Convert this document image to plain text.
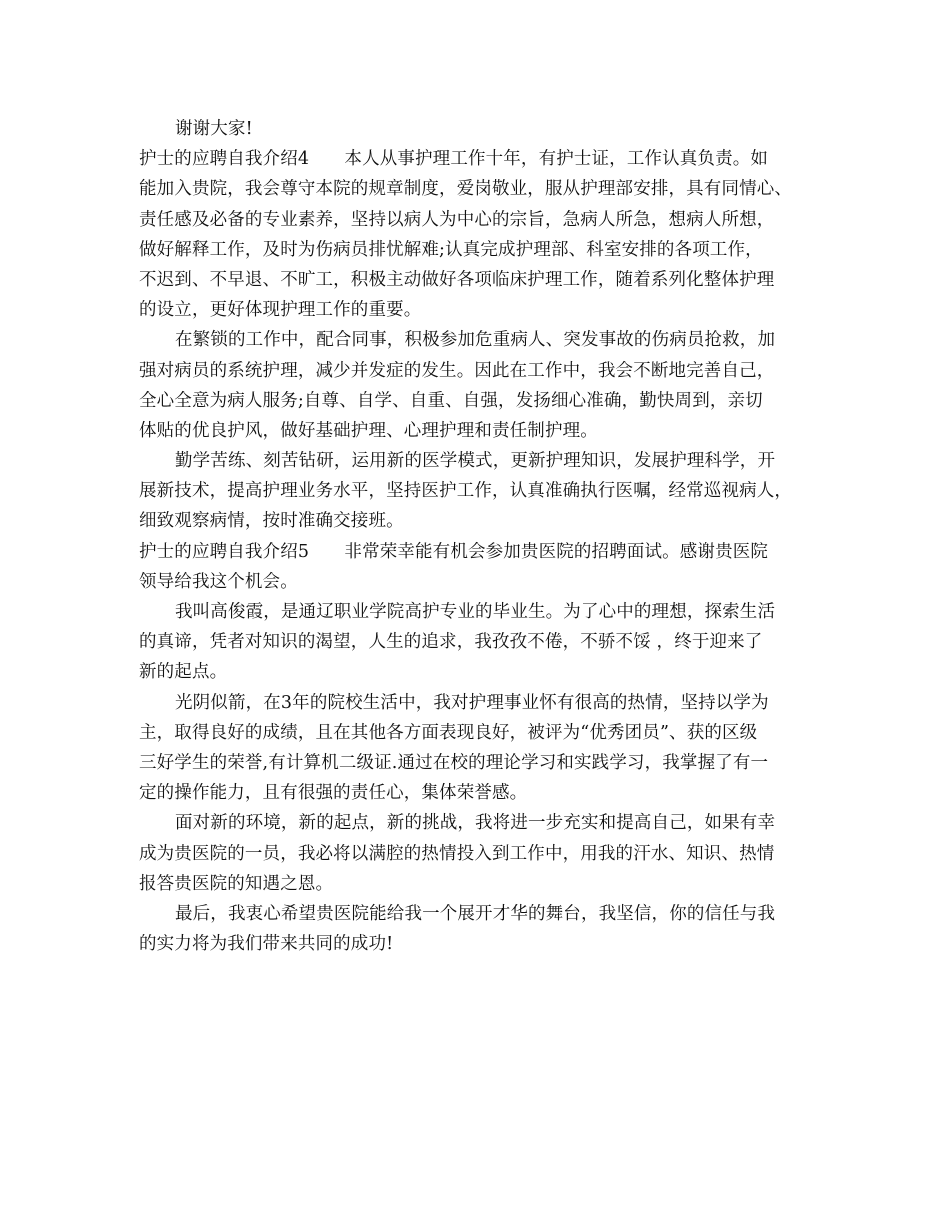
谢谢大家!
护士的应聘自我介绍4　　本人从事护理工作十年，有护士证，工作认真负责。如
能加入贵院，我会尊守本院的规章制度，爱岗敬业，服从护理部安排，具有同情心、
责任感及必备的专业素养，坚持以病人为中心的宗旨，急病人所急，想病人所想，
做好解释工作，及时为伤病员排忧解难;认真完成护理部、科室安排的各项工作，
不迟到、不早退、不旷工，积极主动做好各项临床护理工作，随着系列化整体护理
的设立，更好体现护理工作的重要。
在繁锁的工作中，配合同事，积极参加危重病人、突发事故的伤病员抢救，加
强对病员的系统护理，减少并发症的发生。因此在工作中，我会不断地完善自己，
全心全意为病人服务;自尊、自学、自重、自强，发扬细心准确，勤快周到，亲切
体贴的优良护风，做好基础护理、心理护理和责任制护理。
勤学苦练、刻苦钻研，运用新的医学模式，更新护理知识，发展护理科学，开
展新技术，提高护理业务水平，坚持医护工作，认真准确执行医嘱，经常巡视病人，
细致观察病情，按时准确交接班。
护士的应聘自我介绍5　　非常荣幸能有机会参加贵医院的招聘面试。感谢贵医院
领导给我这个机会。
我叫高俊霞，是通辽职业学院高护专业的毕业生。为了心中的理想，探索生活
的真谛，凭者对知识的渴望，人生的追求，我孜孜不倦，不骄不馁 ，终于迎来了
新的起点。
光阴似箭，在3年的院校生活中，我对护理事业怀有很高的热情，坚持以学为
主，取得良好的成绩，且在其他各方面表现良好，被评为“优秀团员”、获的区级
三好学生的荣誉,有计算机二级证.通过在校的理论学习和实践学习，我掌握了有一
定的操作能力，且有很强的责任心，集体荣誉感。
面对新的环境，新的起点，新的挑战，我将进一步充实和提高自己，如果有幸
成为贵医院的一员，我必将以满腔的热情投入到工作中，用我的汗水、知识、热情
报答贵医院的知遇之恩。
最后，我衷心希望贵医院能给我一个展开才华的舞台，我坚信，你的信任与我
的实力将为我们带来共同的成功!
